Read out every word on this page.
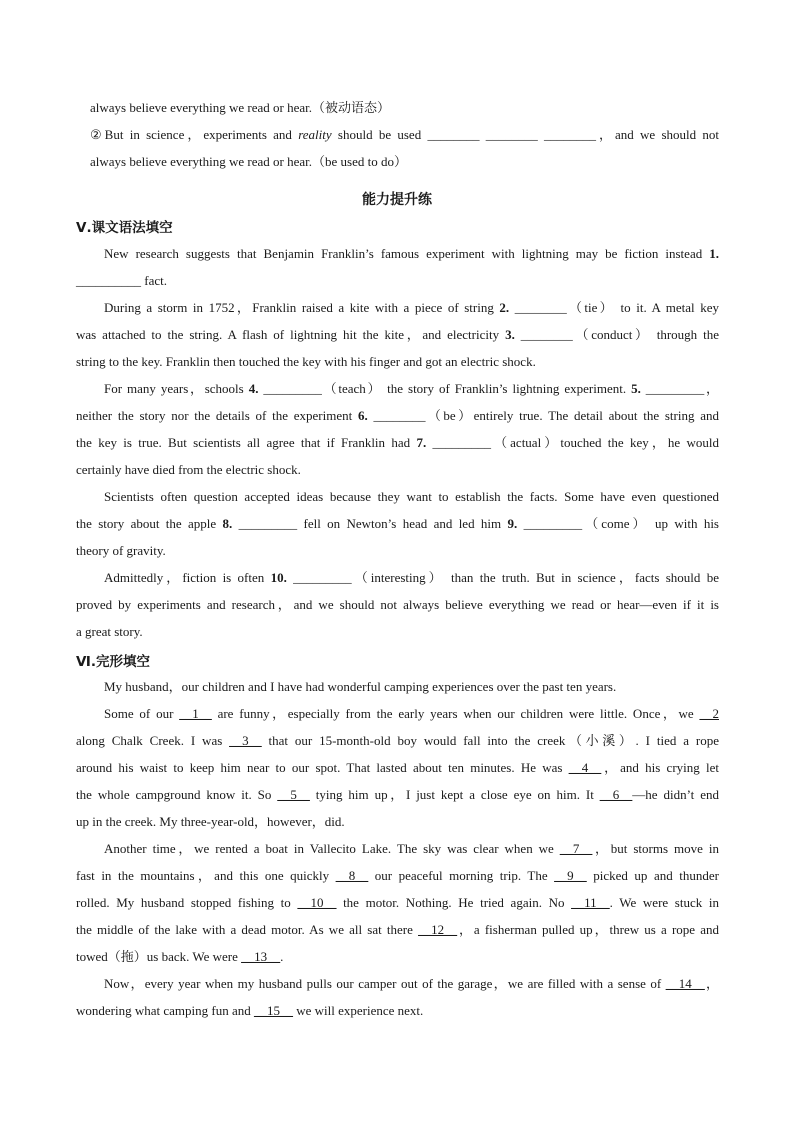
always believe everything we read or hear.（被动语态）
②But in science，experiments and reality should be used ________ ________ ________，and we should not
always believe everything we read or hear.（be used to do）
能力提升练
Ⅴ.课文语法填空
New research suggests that Benjamin Franklin’s famous experiment with lightning may be fiction instead 1.
__________ fact.
During a storm in 1752，Franklin raised a kite with a piece of string 2. ________（tie） to it. A metal key
was attached to the string. A flash of lightning hit the kite，and electricity 3. ________（conduct） through the
string to the key. Franklin then touched the key with his finger and got an electric shock.
For many years，schools 4. _________（teach） the story of Franklin’s lightning experiment. 5. _________，
neither the story nor the details of the experiment 6. ________（be）entirely true. The detail about the string and
the key is true. But scientists all agree that if Franklin had 7. _________（actual）touched the key，he would
certainly have died from the electric shock.
Scientists often question accepted ideas because they want to establish the facts. Some have even questioned
the story about the apple 8. _________ fell on Newton’s head and led him 9. _________（come） up with his
theory of gravity.
Admittedly，fiction is often 10. _________（interesting） than the truth. But in science，facts should be
proved by experiments and research，and we should not always believe everything we read or hear—even if it is
a great story.
Ⅵ.完形填空
My husband，our children and I have had wonderful camping experiences over the past ten years.
Some of our __1__ are funny，especially from the early years when our children were little. Once，we __2
along Chalk Creek. I was __3__ that our 15-month-old boy would fall into the creek（小溪）. I tied a rope
around his waist to keep him near to our spot. That lasted about ten minutes. He was __4__，and his crying let
the whole campground know it. So __5__ tying him up，I just kept a close eye on him. It __6__—he didn’t end
up in the creek. My three-year-old，however，did.
Another time，we rented a boat in Vallecito Lake. The sky was clear when we __7__，but storms move in
fast in the mountains，and this one quickly __8__ our peaceful morning trip. The __9__ picked up and thunder
rolled. My husband stopped fishing to __10__ the motor. Nothing. He tried again. No __11__. We were stuck in
the middle of the lake with a dead motor. As we all sat there __12__，a fisherman pulled up，threw us a rope and
towed（拖）us back. We were __13__.
Now，every year when my husband pulls our camper out of the garage，we are filled with a sense of __14__，
wondering what camping fun and __15__ we will experience next.
